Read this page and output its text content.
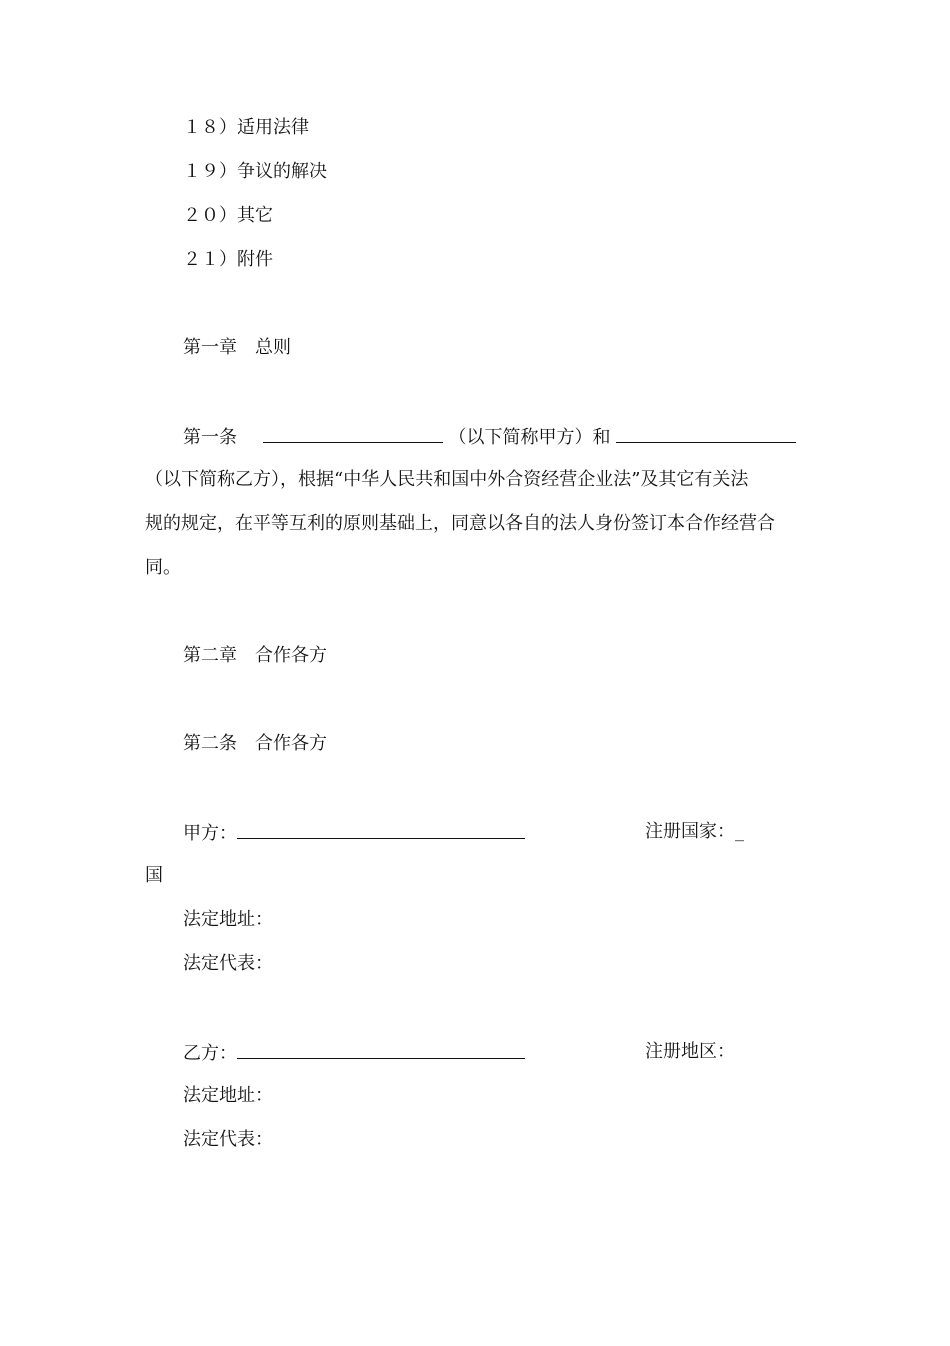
１８）适用法律
１９）争议的解决
２０）其它
２１）附件
第一章　总则
第一条	（以下简称甲方）和
（以下简称乙方），根据“中华人民共和国中外合资经营企业法”及其它有关法
规的规定，在平等互利的原则基础上，同意以各自的法人身份签订本合作经营合
同。
第二章　合作各方
第二条　合作各方
甲方：	注册国家：_
国
法定地址：
法定代表：
乙方：	注册地区：
法定地址：
法定代表：
